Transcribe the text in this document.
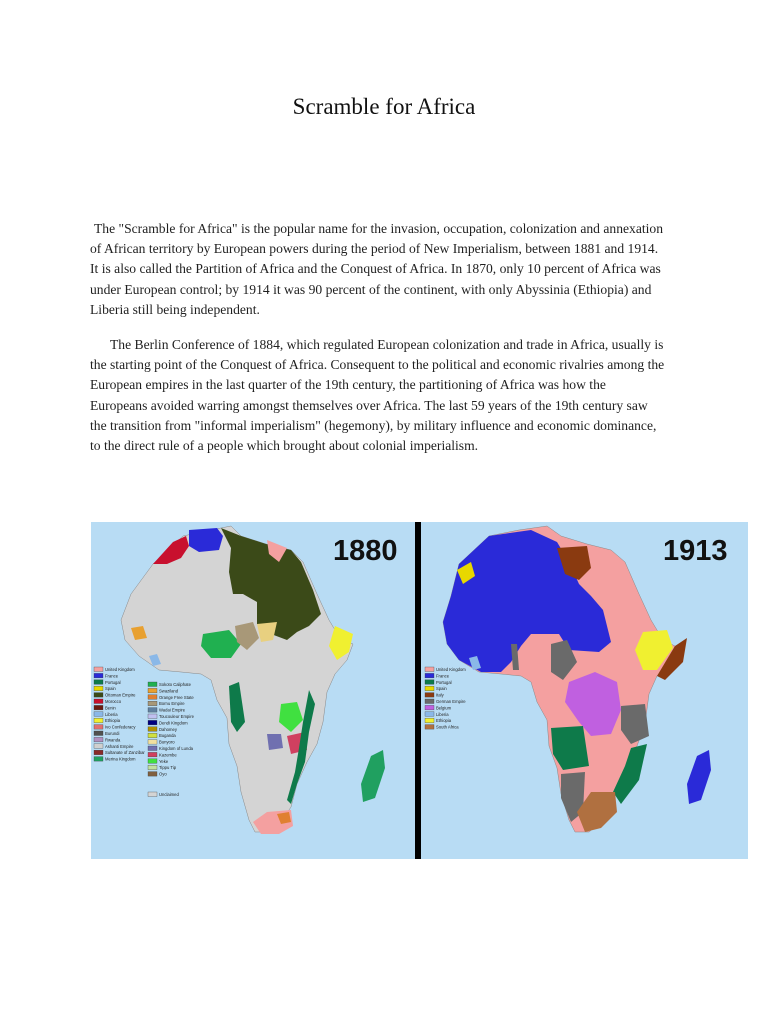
Scramble for Africa

The "Scramble for Africa" is the popular name for the invasion, occupation, colonization and annexation of African territory by European powers during the period of New Imperialism, between 1881 and 1914. It is also called the Partition of Africa and the Conquest of Africa. In 1870, only 10 percent of Africa was under European control; by 1914 it was 90 percent of the continent, with only Abyssinia (Ethiopia) and Liberia still being independent.

The Berlin Conference of 1884, which regulated European colonization and trade in Africa, usually is the starting point of the Conquest of Africa. Consequent to the political and economic rivalries among the European empires in the last quarter of the 19th century, the partitioning of Africa was how the Europeans avoided warring amongst themselves over Africa. The last 59 years of the 19th century saw the transition from "informal imperialism" (hegemony), by military influence and economic dominance, to the direct rule of a people which brought about colonial imperialism.

United Kingdom
France
Portugal
Spain
Ottoman Empire
Morocco
Benin
Liberia
Ethiopia
Ivo Confederacy
Burundi
Rwanda
Ashanti Empire
Sultanate of Zanzibar
Merina Kingdom
Sokoto Caliphate
Swaziland
Orange Free State
Bornu Empire
Wadai Empire
Toucouleur Empire
Dendi Kingdom
Dahomey
Buganda
Bunyoro
Kingdom of Lunda
Kazembe
Yeke
Tippu Tip
Oyo
Unclaimed
1880
United Kingdom
France
Portugal
Spain
Italy
German Empire
Belgium
Liberia
Ethiopia
South Africa
1913
